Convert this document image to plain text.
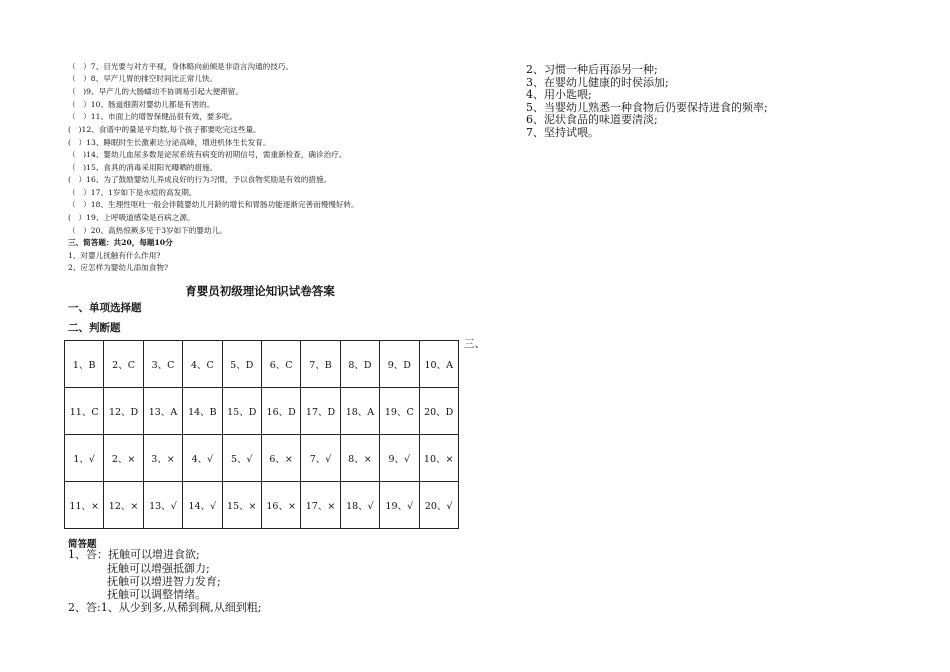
（　）7、目光要与对方平视，身体略向前倾是非语言沟通的技巧。
（　）8、早产儿胃的排空时间比正常儿快。
（　)9、早产儿的大肠蠕动不协调易引起大便滞留。
（　）10、肠道细菌对婴幼儿都是有害的。
（　）11、市面上的增智保健品很有效，要多吃。
(　)12、食谱中的量是平均数,每个孩子都要吃完这些量。
(　）13、睡眠时生长激素达分泌高峰，增进机体生长发育。
（　)14、婴幼儿血尿多数是泌尿系统有病变的初期信号，需重新检查，确诊治疗。
（　)15、食具的消毒采用阳光曝晒的措施。
(　）16、为了鼓励婴幼儿养成良好的行为习惯，予以食物奖励是有效的措施。
（　）17、1岁如下是水痘的高发期。
（　）18、生理性呕吐一般会伴随婴幼儿月龄的增长和胃肠功能逐渐完善而慢慢好转。
(　）19、上呼吸道感染是百病之源。
（　）20、高热惊厥多见于3岁如下的婴幼儿。
三、简答题：共20，每题10分
1、对婴儿抚触有什么作用?
2、应怎样为婴幼儿添加食物?
育婴员初级理论知识试卷答案
一、单项选择题
二、判断题
三、
1、B	2、C	3、C	4、C	5、D	6、C	7、B	8、D	9、D	10、A
11、C	12、D	13、A	14、B	15、D	16、D	17、D	18、A	19、C	20、D
1、√	2、×	3、×	4、√	5、√	6、×	7、√	8、×	9、√	10、×
11、×	12、×	13、√	14、√	15、×	16、×	17、×	18、√	19、√	20、√
简答题
1、答：抚触可以增进食欲;
抚触可以增强抵御力;
抚触可以增进智力发育;
抚触可以调整情绪。
2、答:1、从少到多,从稀到稠,从细到粗;
2、习惯一种后再添另一种;
3、在婴幼儿健康的时侯添加;
4、用小匙喂;
5、当婴幼儿熟悉一种食物后仍要保持进食的频率;
6、泥状食品的味道要清淡;
7、坚持试喂。
